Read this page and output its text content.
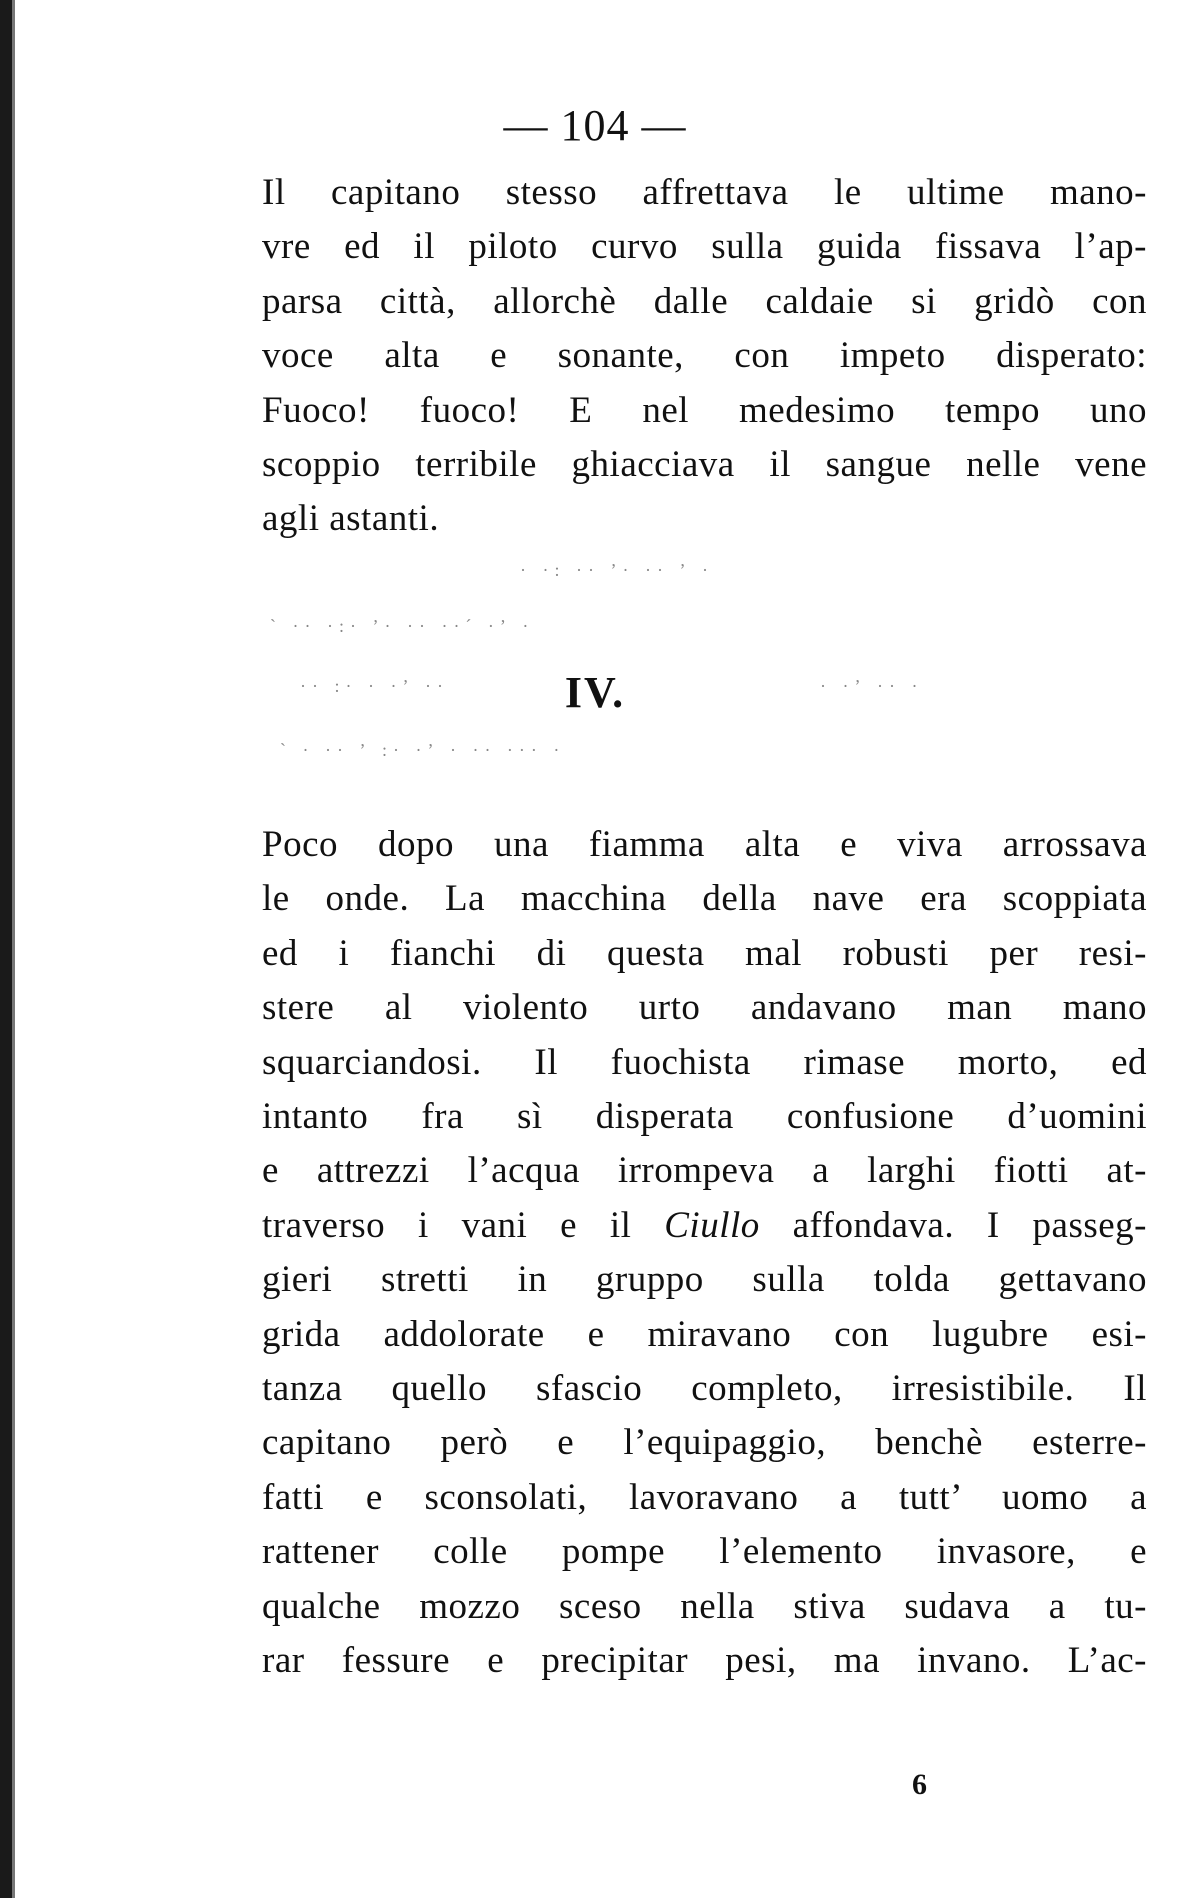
— 104 —
Il capitano stesso affrettava le ultime mano-
vre ed il piloto curvo sulla guida fissava l’ap-
parsa città, allorchè dalle caldaie si gridò con
voce alta e sonante, con impeto disperato:
Fuoco! fuoco! E nel medesimo tempo uno
scoppio terribile ghiacciava il sangue nelle vene
agli astanti.
· ·: ·· ʼ· ·· ʼ ·
ˋ ·· ·:· ʼ· ·· ··ˊ ·ʼ ·
·· :· · ·ʼ ··	· ·ʼ ·· ·
ˋ · ·· ʼ :· ·ʼ · ·· ··· ·
IV.
Poco dopo una fiamma alta e viva arrossava
le onde. La macchina della nave era scoppiata
ed i fianchi di questa mal robusti per resi-
stere al violento urto andavano man mano
squarciandosi. Il fuochista rimase morto, ed
intanto fra sì disperata confusione d’uomini
e attrezzi l’acqua irrompeva a larghi fiotti at-
traverso i vani e il Ciullo affondava. I passeg-
gieri stretti in gruppo sulla tolda gettavano
grida addolorate e miravano con lugubre esi-
tanza quello sfascio completo, irresistibile. Il
capitano però e l’equipaggio, benchè esterre-
fatti e sconsolati, lavoravano a tutt’ uomo a
rattener colle pompe l’elemento invasore, e
qualche mozzo sceso nella stiva sudava a tu-
rar fessure e precipitar pesi, ma invano. L’ac-
6
